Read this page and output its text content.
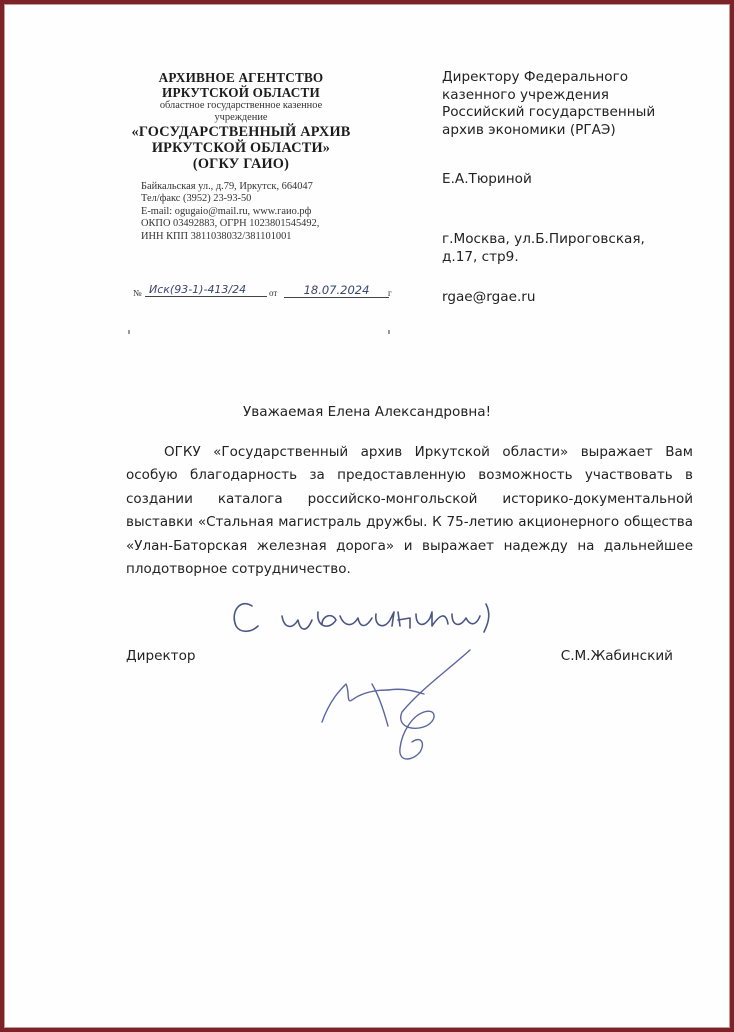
АРХИВНОЕ АГЕНТСТВО
ИРКУТСКОЙ ОБЛАСТИ
областное государственное казенное
учреждение
«ГОСУДАРСТВЕННЫЙ АРХИВ
ИРКУТСКОЙ ОБЛАСТИ»
(ОГКУ ГАИО)
Байкальская ул., д.79, Иркутск, 664047
Тел/факс (3952) 23-93-50
E-mail: ogugaio@mail.ru, www.гаио.рф
ОКПО 03492883, ОГРН 1023801545492,
ИНН КПП 3811038032/381101001
№ Иск(93-1)-413/24	от	18.07.2024	г
Директору Федерального
казенного учреждения
Российский государственный
архив экономики (РГАЭ)
Е.А.Тюриной
г.Москва, ул.Б.Пироговская,
д.17, стр9.
rgae@rgae.ru
Уважаемая Елена Александровна!
ОГКУ «Государственный архив Иркутской области» выражает Вам особую благодарность за предоставленную возможность участвовать в создании каталога российско-монгольской историко-документальной выставки «Стальная магистраль дружбы. К 75-летию акционерного общества «Улан-Баторская железная дорога» и выражает надежду на дальнейшее плодотворное сотрудничество.
Директор	С.М.Жабинский
